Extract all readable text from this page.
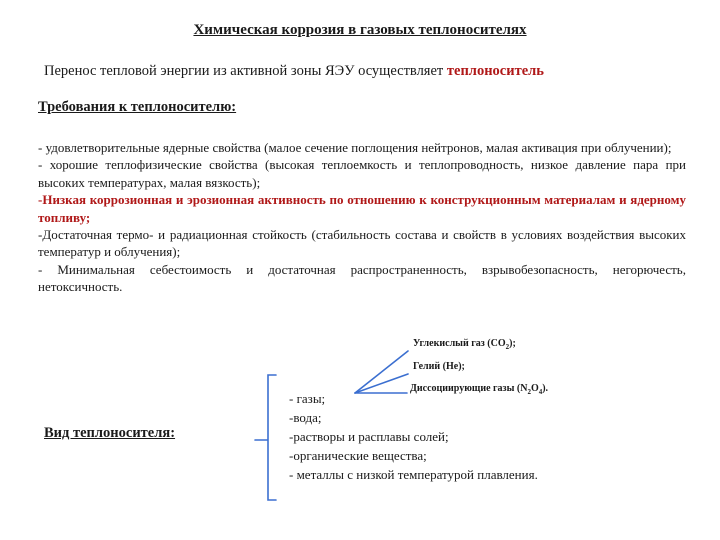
Химическая коррозия в газовых теплоносителях
Перенос тепловой энергии из активной зоны ЯЭУ осуществляет теплоноситель
Требования к теплоносителю:

- удовлетворительные ядерные свойства (малое сечение поглощения нейтронов, малая активация при облучении);

- хорошие теплофизические свойства (высокая теплоемкость и теплопроводность, низкое давление пара при высоких температурах, малая вязкость);

-Низкая коррозионная и эрозионная активность по отношению к конструкционным материалам и ядерному топливу;

-Достаточная термо- и радиационная стойкость (стабильность состава и свойств в условиях воздействия высоких температур и облучения);

- Минимальная себестоимость и достаточная распространенность, взрывобезопасность, негорючесть, нетоксичность.

Углекислый газ $(CO_2)$;
Гелий (He);
Диссоциирующие газы $(N_2O_4)$.
Вид теплоносителя:
- газы;
-вода;
-растворы и расплавы солей;
-органические вещества;
- металлы с низкой температурой плавления.
